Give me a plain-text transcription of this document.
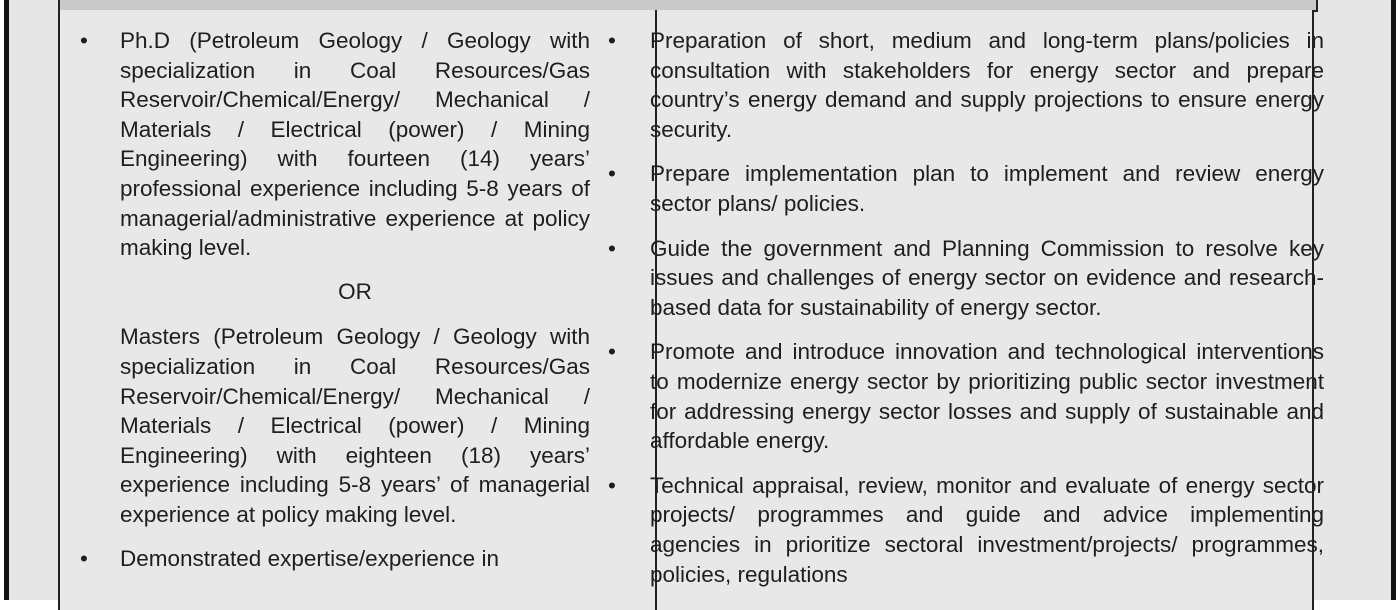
• Ph.D (Petroleum Geology / Geology with specialization in Coal Resources/Gas Reservoir/Chemical/Energy/ Mechanical / Materials / Electrical (power) / Mining Engineering) with fourteen (14) years’ professional experience including 5-8 years of managerial/administrative experience at policy making level.
OR

Masters (Petroleum Geology / Geology with specialization in Coal Resources/Gas Reservoir/Chemical/Energy/ Mechanical / Materials / Electrical (power) / Mining Engineering) with eighteen (18) years’ experience including 5-8 years’ of managerial experience at policy making level.

• Demonstrated expertise/experience in
• Preparation of short, medium and long-term plans/policies in consultation with stakeholders for energy sector and prepare country’s energy demand and supply projections to ensure energy security.
• Prepare implementation plan to implement and review energy sector plans/ policies.
• Guide the government and Planning Commission to resolve key issues and challenges of energy sector on evidence and research-based data for sustainability of energy sector.
• Promote and introduce innovation and technological interventions to modernize energy sector by prioritizing public sector investment for addressing energy sector losses and supply of sustainable and affordable energy.
• Technical appraisal, review, monitor and evaluate of energy sector projects/ programmes and guide and advice implementing agencies in prioritize sectoral investment/projects/ programmes, policies, regulations
